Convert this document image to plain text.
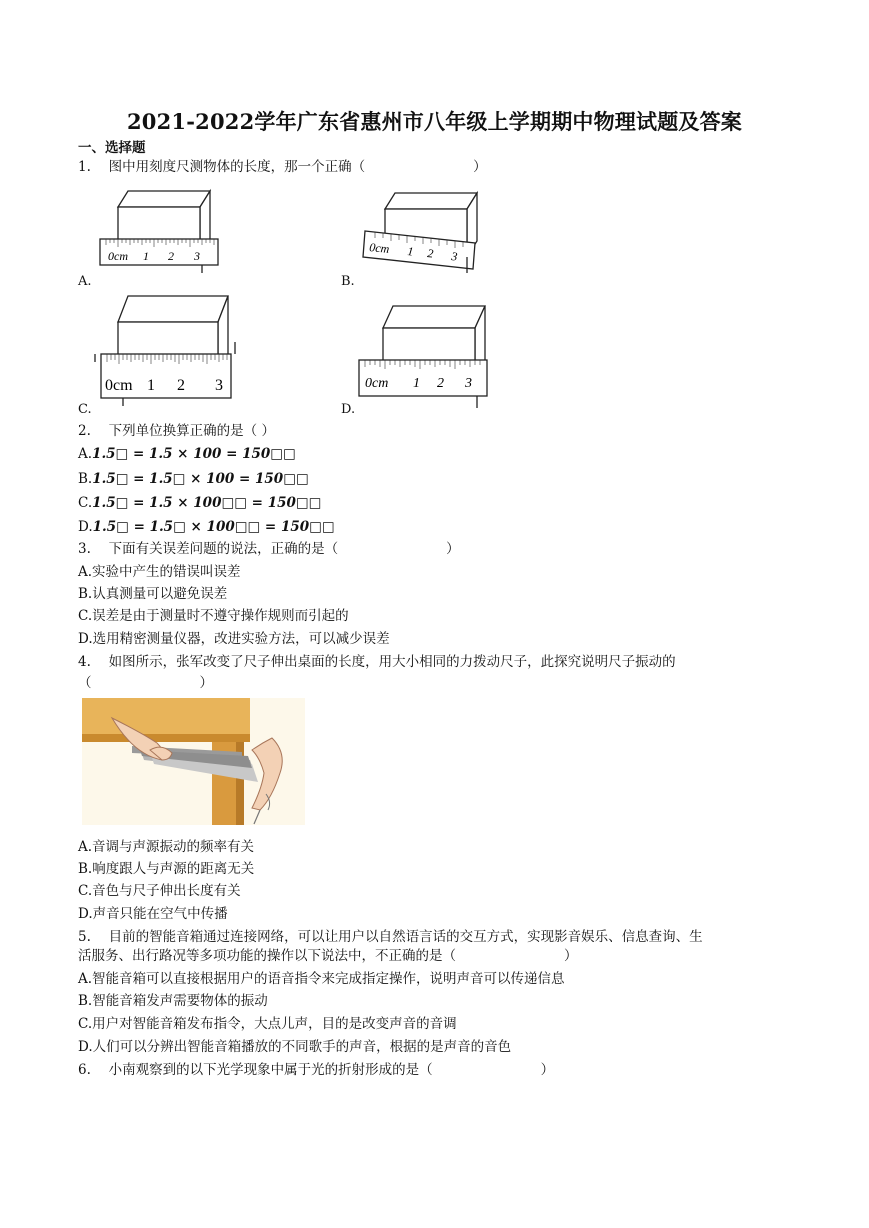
2021-2022学年广东省惠州市八年级上学期期中物理试题及答案
一、选择题
1.　 图中用刻度尺测物体的长度，那一个正确（　　　　　　　　）
0cm 1 2 3
A.
0cm 1 2 3
B.
0cm 1 2 3
C.
0cm 1 2 3
D.
2.　 下列单位换算正确的是（ ）
A.1.5□ = 1.5 × 100 = 150□□
B.1.5□ = 1.5□ × 100 = 150□□
C.1.5□ = 1.5 × 100□□ = 150□□
D.1.5□ = 1.5□ × 100□□ = 150□□
3.　 下面有关误差问题的说法，正确的是（　　　　　　　　）
A.实验中产生的错误叫误差
B.认真测量可以避免误差
C.误差是由于测量时不遵守操作规则而引起的
D.选用精密测量仪器，改进实验方法，可以减少误差
4.　 如图所示，张军改变了尺子伸出桌面的长度，用大小相同的力拨动尺子，此探究说明尺子振动的
（　　　　　　　　）
A.音调与声源振动的频率有关
B.响度跟人与声源的距离无关
C.音色与尺子伸出长度有关
D.声音只能在空气中传播
5.　 目前的智能音箱通过连接网络，可以让用户以自然语言话的交互方式，实现影音娱乐、信息查询、生
活服务、出行路况等多项功能的操作以下说法中，不正确的是（　　　　　　　　）
A.智能音箱可以直接根据用户的语音指令来完成指定操作，说明声音可以传递信息
B.智能音箱发声需要物体的振动
C.用户对智能音箱发布指令，大点儿声，目的是改变声音的音调
D.人们可以分辨出智能音箱播放的不同歌手的声音，根据的是声音的音色
6.　 小南观察到的以下光学现象中属于光的折射形成的是（　　　　　　　　）
